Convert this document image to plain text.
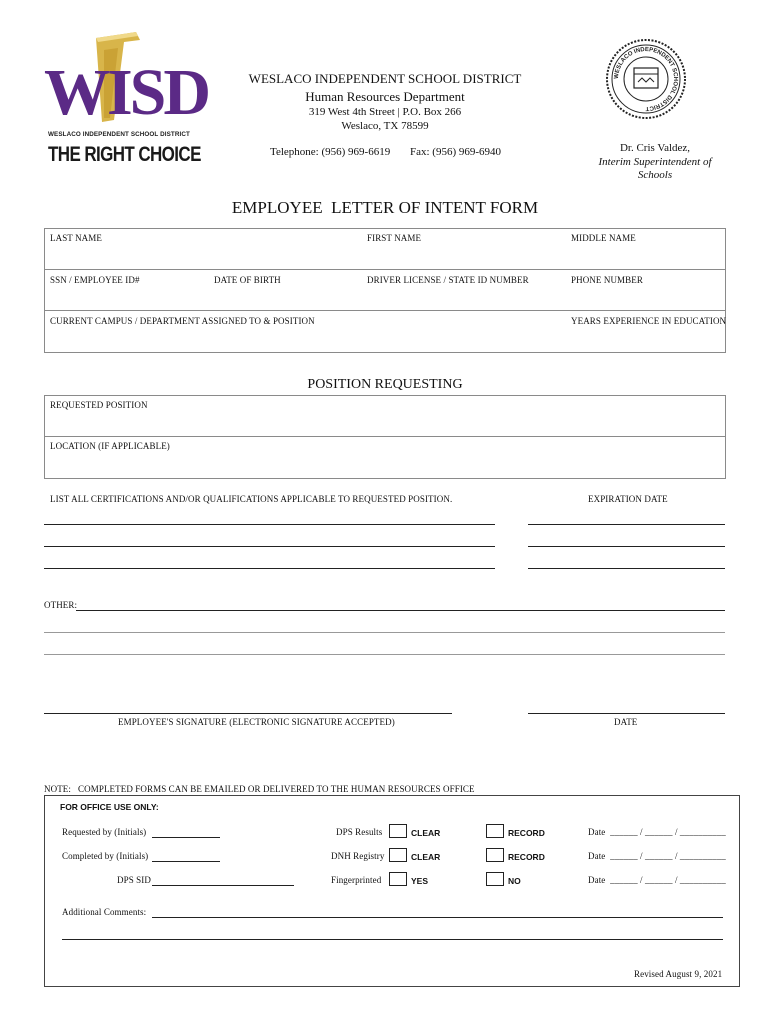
WISD
WESLACO INDEPENDENT SCHOOL DISTRICT
THE RIGHT CHOICE
WESLACO INDEPENDENT SCHOOL DISTRICT
Human Resources Department
319 West 4th Street | P.O. Box 266
Weslaco, TX 78599
Telephone: (956) 969-6619 Fax: (956) 969-6940
WESLACO INDEPENDENT SCHOOL DISTRICT
Dr. Cris Valdez,
Interim Superintendent of
Schools
EMPLOYEE  LETTER OF INTENT FORM
LAST NAME	FIRST NAME	MIDDLE NAME
SSN / EMPLOYEE ID#	DATE OF BIRTH	DRIVER LICENSE / STATE ID NUMBER	PHONE NUMBER
CURRENT CAMPUS / DEPARTMENT ASSIGNED TO & POSITION	YEARS EXPERIENCE IN EDUCATION
POSITION REQUESTING
REQUESTED POSITION
LOCATION (IF APPLICABLE)
LIST ALL CERTIFICATIONS AND/OR QUALIFICATIONS APPLICABLE TO REQUESTED POSITION.	EXPIRATION DATE
OTHER:
EMPLOYEE'S SIGNATURE (ELECTRONIC SIGNATURE ACCEPTED)	DATE
NOTE:   COMPLETED FORMS CAN BE EMAILED OR DELIVERED TO THE HUMAN RESOURCES OFFICE
FOR OFFICE USE ONLY:
Requested by (Initials)	DPS Results	CLEAR	RECORD	Date  ______ / ______ / __________
Completed by (Initials)	DNH Registry	CLEAR	RECORD	Date  ______ / ______ / __________
DPS SID	Fingerprinted	YES	NO	Date  ______ / ______ / __________
Additional Comments:
Revised August 9, 2021
